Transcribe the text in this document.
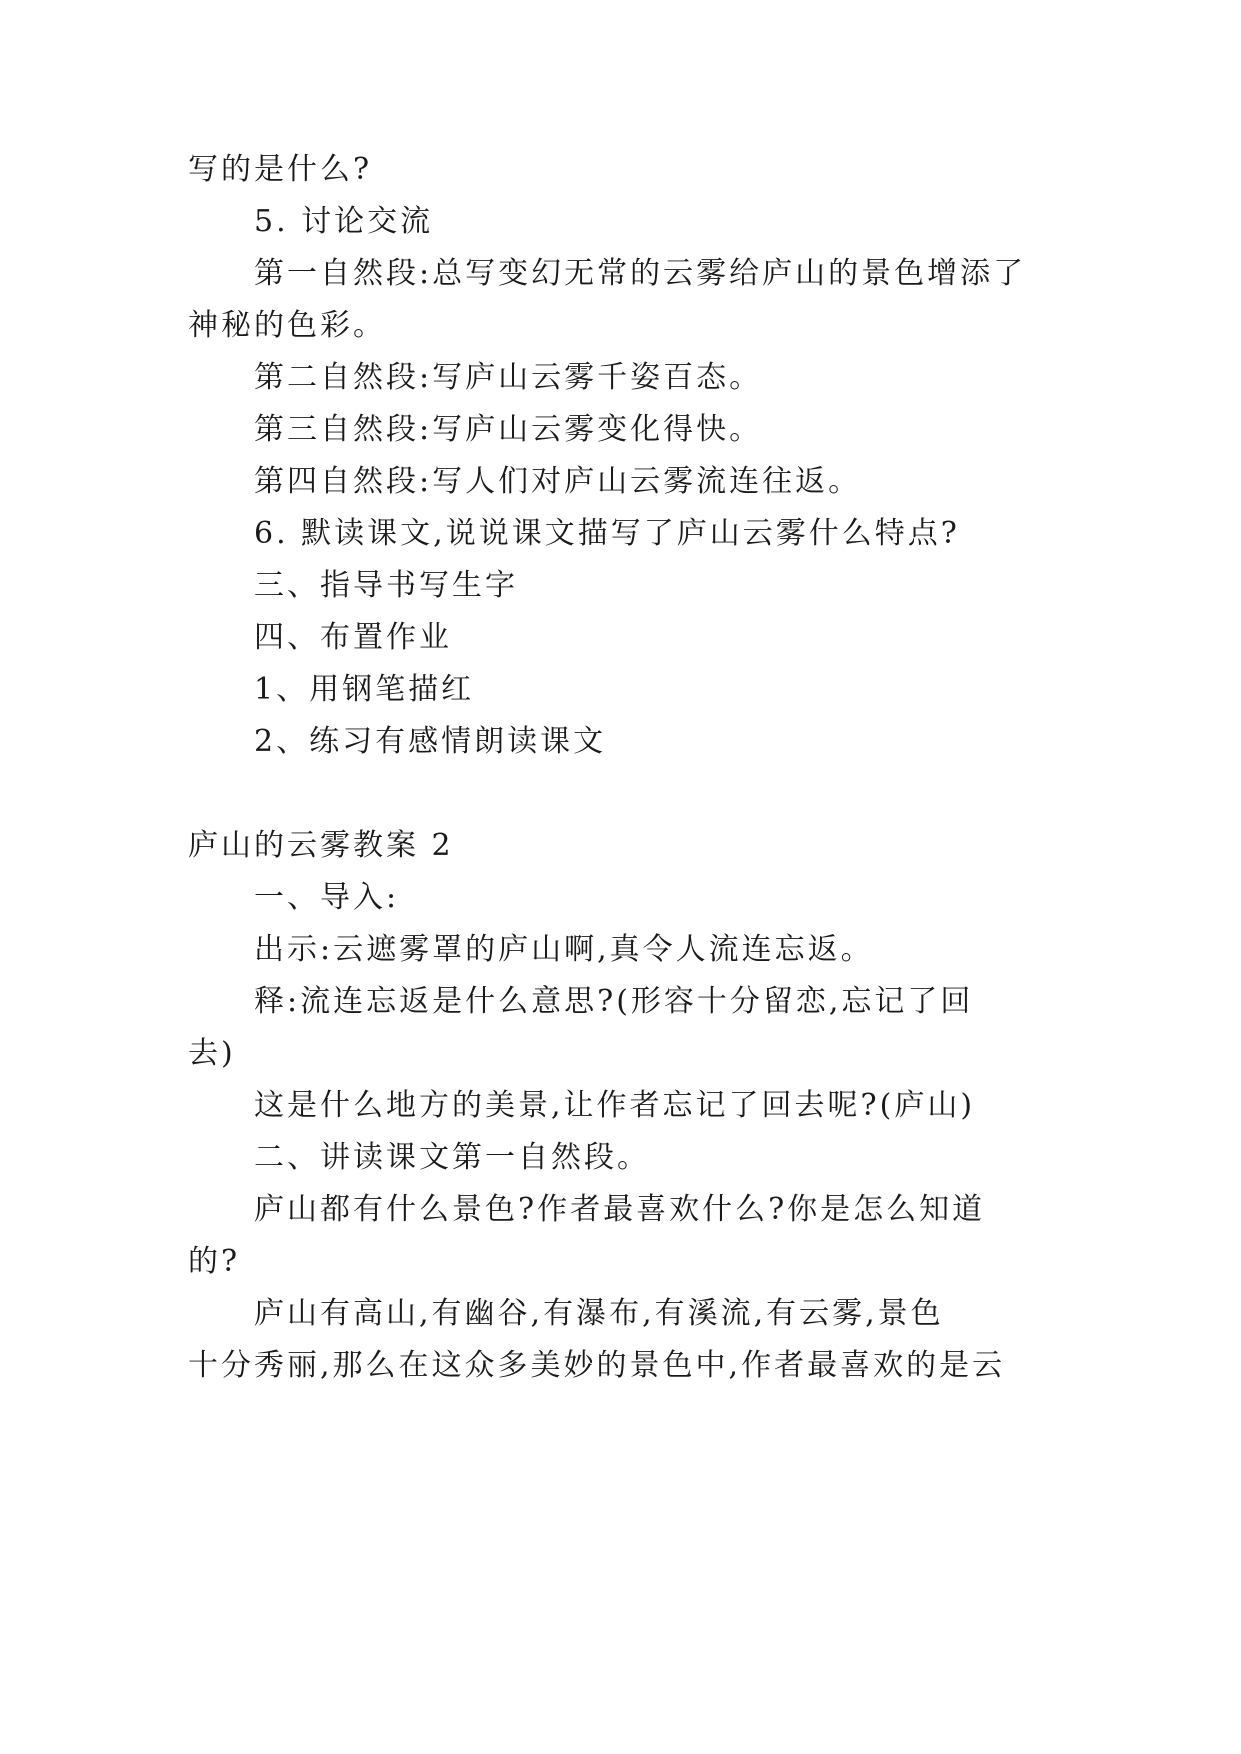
写的是什么?
5. 讨论交流
第一自然段:总写变幻无常的云雾给庐山的景色增添了
神秘的色彩。
第二自然段:写庐山云雾千姿百态。
第三自然段:写庐山云雾变化得快。
第四自然段:写人们对庐山云雾流连往返。
6. 默读课文,说说课文描写了庐山云雾什么特点?
三、指导书写生字
四、布置作业
1、用钢笔描红
2、练习有感情朗读课文
庐山的云雾教案 2
一、导入:
出示:云遮雾罩的庐山啊,真令人流连忘返。
释:流连忘返是什么意思?(形容十分留恋,忘记了回
去)
这是什么地方的美景,让作者忘记了回去呢?(庐山)
二、讲读课文第一自然段。
庐山都有什么景色?作者最喜欢什么?你是怎么知道
的?
庐山有高山,有幽谷,有瀑布,有溪流,有云雾,景色
十分秀丽,那么在这众多美妙的景色中,作者最喜欢的是云
